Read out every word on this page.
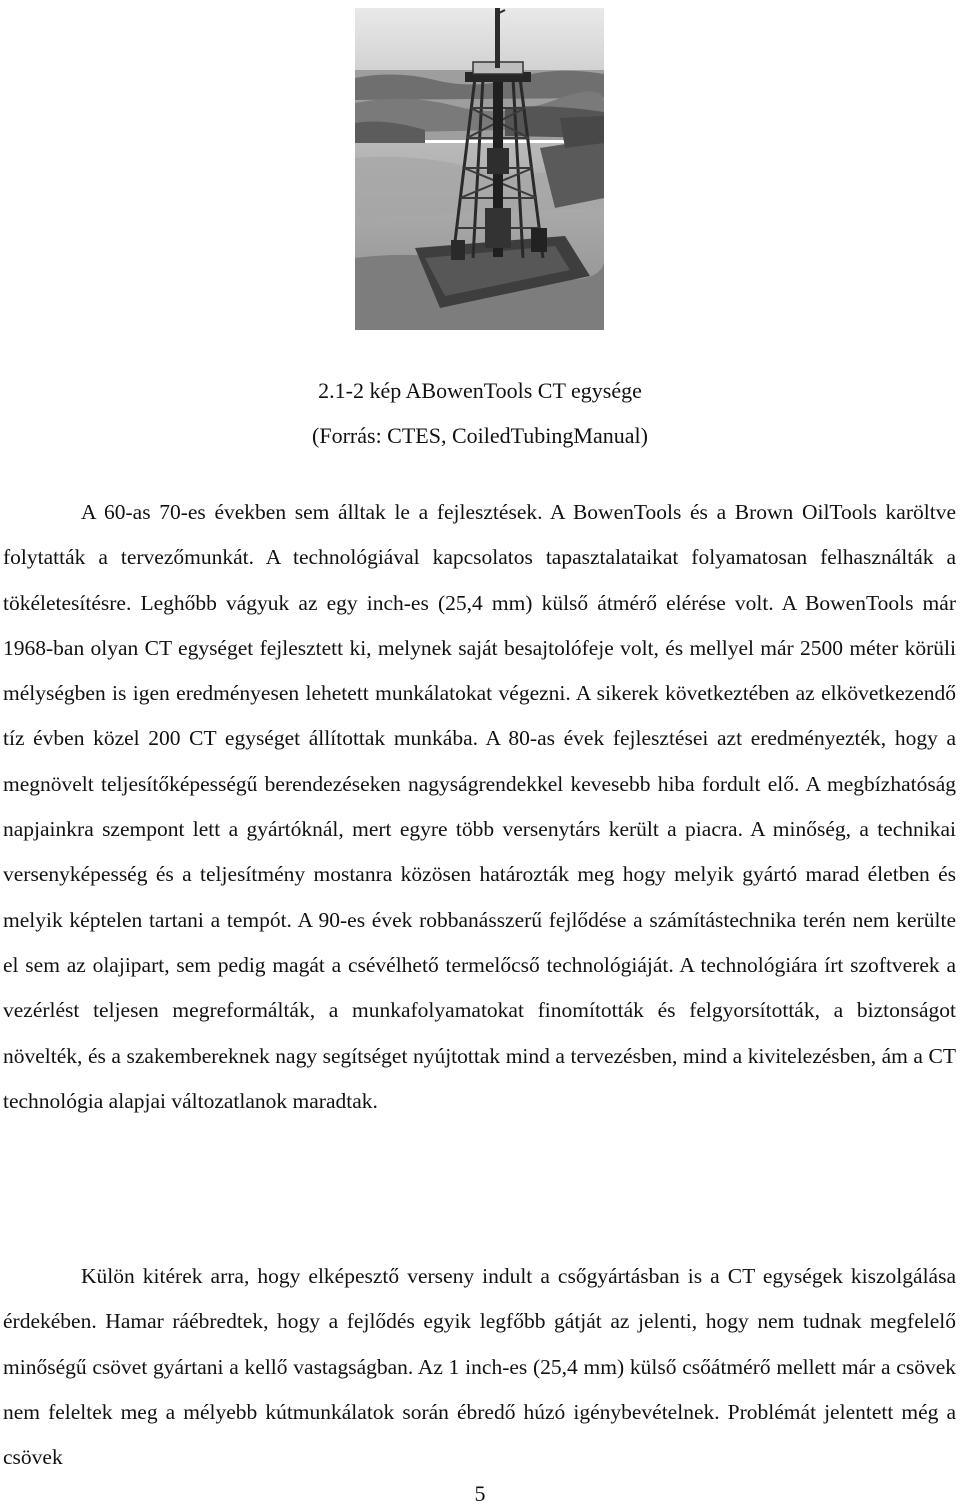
2.1-2 kép ABowenTools CT egysége
(Forrás: CTES, CoiledTubingManual)

A 60-as 70-es években sem álltak le a fejlesztések. A BowenTools és a Brown OilTools karöltve folytatták a tervezőmunkát. A technológiával kapcsolatos tapasztalataikat folyamatosan felhasználták a tökéletesítésre. Leghőbb vágyuk az egy inch-es (25,4 mm) külső átmérő elérése volt. A BowenTools már 1968-ban olyan CT egységet fejlesztett ki, melynek saját besajtolófeje volt, és mellyel már 2500 méter körüli mélységben is igen eredményesen lehetett munkálatokat végezni. A sikerek következtében az elkövetkezendő tíz évben közel 200 CT egységet állítottak munkába. A 80-as évek fejlesztései azt eredményezték, hogy a megnövelt teljesítőképességű berendezéseken nagyságrendekkel kevesebb hiba fordult elő. A megbízhatóság napjainkra szempont lett a gyártóknál, mert egyre több versenytárs került a piacra. A minőség, a technikai versenyképesség és a teljesítmény mostanra közösen határozták meg hogy melyik gyártó marad életben és melyik képtelen tartani a tempót. A 90-es évek robbanásszerű fejlődése a számítástechnika terén nem kerülte el sem az olajipart, sem pedig magát a csévélhető termelőcső technológiáját. A technológiára írt szoftverek a vezérlést teljesen megreformálták, a munkafolyamatokat finomították és felgyorsították, a biztonságot növelték, és a szakembereknek nagy segítséget nyújtottak mind a tervezésben, mind a kivitelezésben, ám a CT technológia alapjai változatlanok maradtak.

Külön kitérek arra, hogy elképesztő verseny indult a csőgyártásban is a CT egységek kiszolgálása érdekében. Hamar ráébredtek, hogy a fejlődés egyik legfőbb gátját az jelenti, hogy nem tudnak megfelelő minőségű csövet gyártani a kellő vastagságban. Az 1 inch-es (25,4 mm) külső csőátmérő mellett már a csövek nem feleltek meg a mélyebb kútmunkálatok során ébredő húzó igénybevételnek. Problémát jelentett még a csövek

5
